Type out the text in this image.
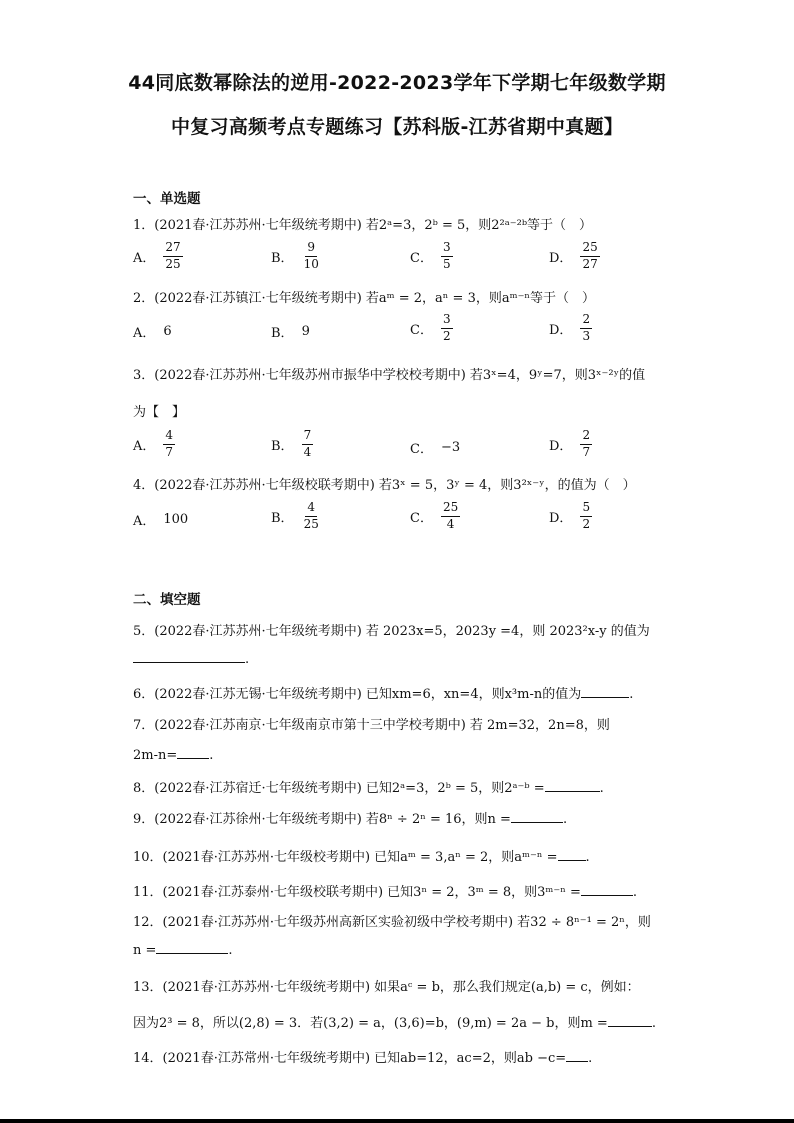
44同底数幂除法的逆用-2022-2023学年下学期七年级数学期
中复习高频考点专题练习【苏科版-江苏省期中真题】
一、单选题
1．(2021春·江苏苏州·七年级统考期中) 若2ᵃ=3，2ᵇ = 5，则2²ᵃ⁻²ᵇ等于（　）
A． $\frac{27}{25}$	B． $\frac{9}{10}$	C． $\frac{3}{5}$	D． $\frac{25}{27}$
2．(2022春·江苏镇江·七年级统考期中) 若aᵐ = 2，aⁿ = 3，则aᵐ⁻ⁿ等于（　）
A． 6	B． 9	C． $\frac{3}{2}$	D． $\frac{2}{3}$
3．(2022春·江苏苏州·七年级苏州市振华中学校校考期中) 若3ˣ=4，9ʸ=7，则3ˣ⁻²ʸ的值
为【　】
A． $\frac{4}{7}$	B． $\frac{7}{4}$	C． −3	D． $\frac{2}{7}$
4．(2022春·江苏苏州·七年级校联考期中) 若3ˣ = 5，3ʸ = 4，则3²ˣ⁻ʸ，的值为（　）
A． 100	B． $\frac{4}{25}$	C． $\frac{25}{4}$	D． $\frac{5}{2}$
二、填空题
5．(2022春·江苏苏州·七年级统考期中) 若 2023x=5，2023y =4，则 2023²x-y 的值为
.
6．(2022春·江苏无锡·七年级统考期中) 已知xm=6，xn=4，则x³m-n的值为	.
7．(2022春·江苏南京·七年级南京市第十三中学校考期中) 若 2m=32，2n=8，则
2m-n= .
8．(2022春·江苏宿迁·七年级统考期中) 已知2ᵃ=3，2ᵇ = 5，则2ᵃ⁻ᵇ =	.
9．(2022春·江苏徐州·七年级统考期中) 若8ⁿ ÷ 2ⁿ = 16，则n =	.
10．(2021春·江苏苏州·七年级校考期中) 已知aᵐ = 3,aⁿ = 2，则aᵐ⁻ⁿ = .
11．(2021春·江苏泰州·七年级校联考期中) 已知3ⁿ = 2，3ᵐ = 8，则3ᵐ⁻ⁿ =	.
12．(2021春·江苏苏州·七年级苏州高新区实验初级中学校考期中) 若32 ÷ 8ⁿ⁻¹ = 2ⁿ，则
n =	.
13．(2021春·江苏苏州·七年级统考期中) 如果aᶜ = b，那么我们规定(a,b) = c，例如：
因为2³ = 8，所以(2,8) = 3．若(3,2) = a，(3,6)=b，(9,m) = 2a − b，则m =	.
14．(2021春·江苏常州·七年级统考期中) 已知ab=12，ac=2，则ab −c= .
